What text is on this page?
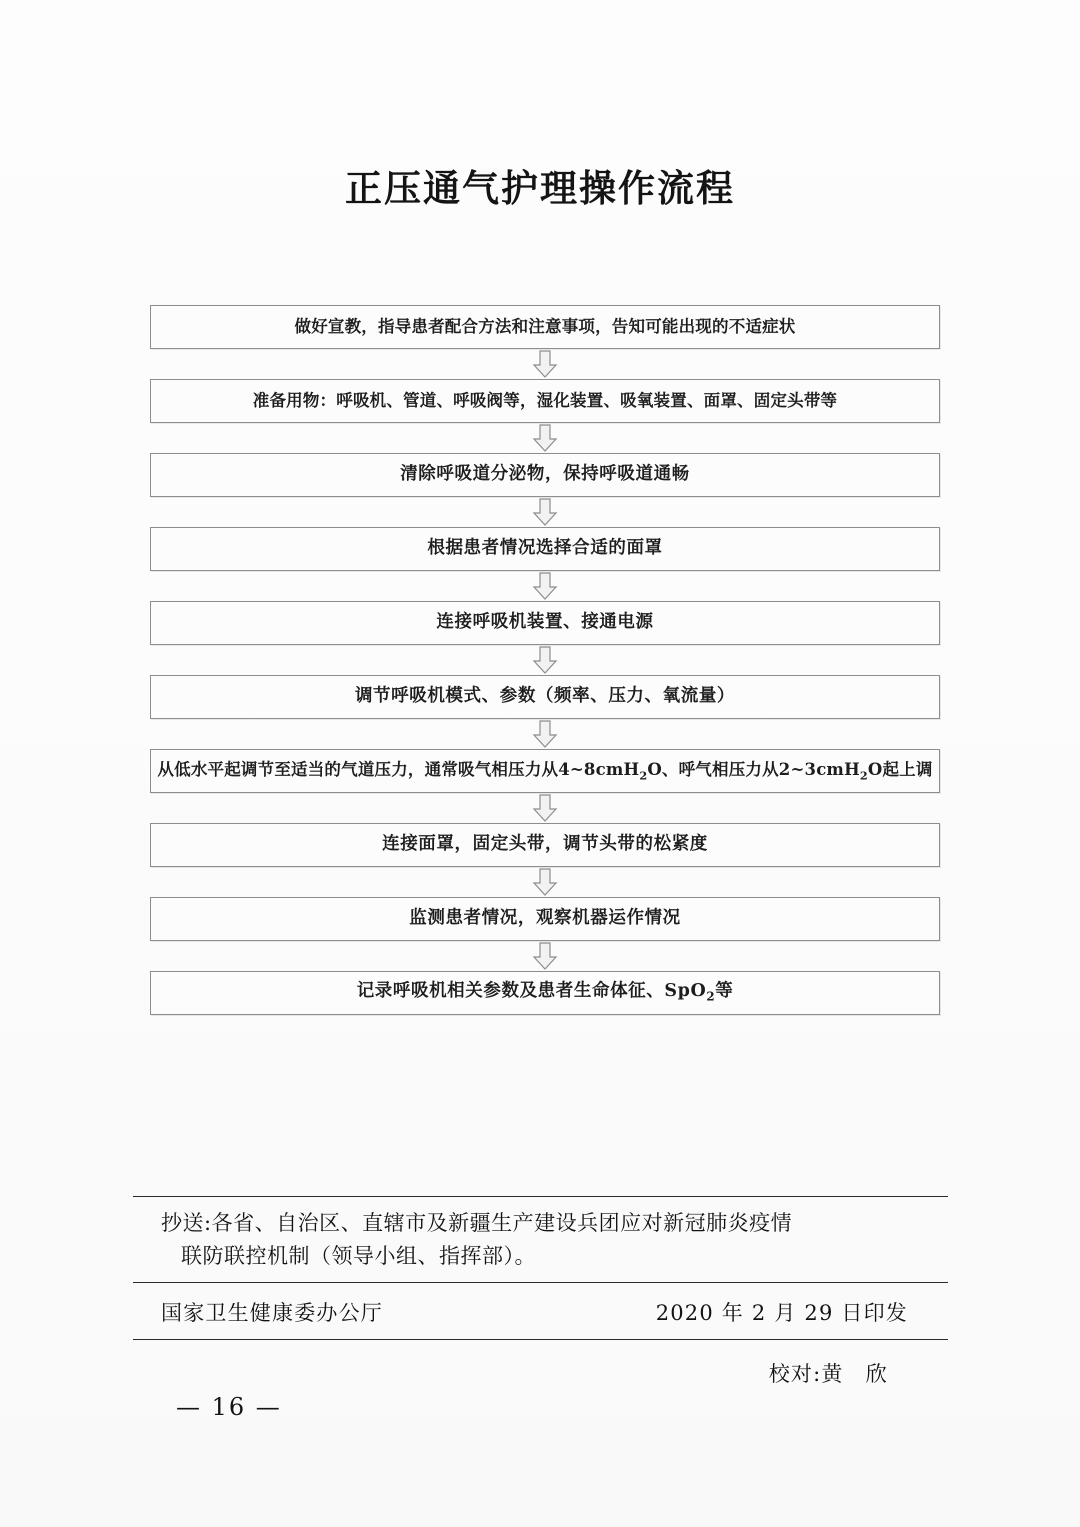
正压通气护理操作流程
做好宣教，指导患者配合方法和注意事项，告知可能出现的不适症状
准备用物：呼吸机、管道、呼吸阀等，湿化装置、吸氧装置、面罩、固定头带等
清除呼吸道分泌物，保持呼吸道通畅
根据患者情况选择合适的面罩
连接呼吸机装置、接通电源
调节呼吸机模式、参数（频率、压力、氧流量）
从低水平起调节至适当的气道压力，通常吸气相压力从4~8cmH$_2$O、呼气相压力从2~3cmH$_2$O起上调
连接面罩，固定头带，调节头带的松紧度
监测患者情况，观察机器运作情况
记录呼吸机相关参数及患者生命体征、SpO$_2$等
抄送:各省、自治区、直辖市及新疆生产建设兵团应对新冠肺炎疫情
联防联控机制（领导小组、指挥部）。
国家卫生健康委办公厅	2020 年 2 月 29 日印发
校对:黄　欣
— 16 —
